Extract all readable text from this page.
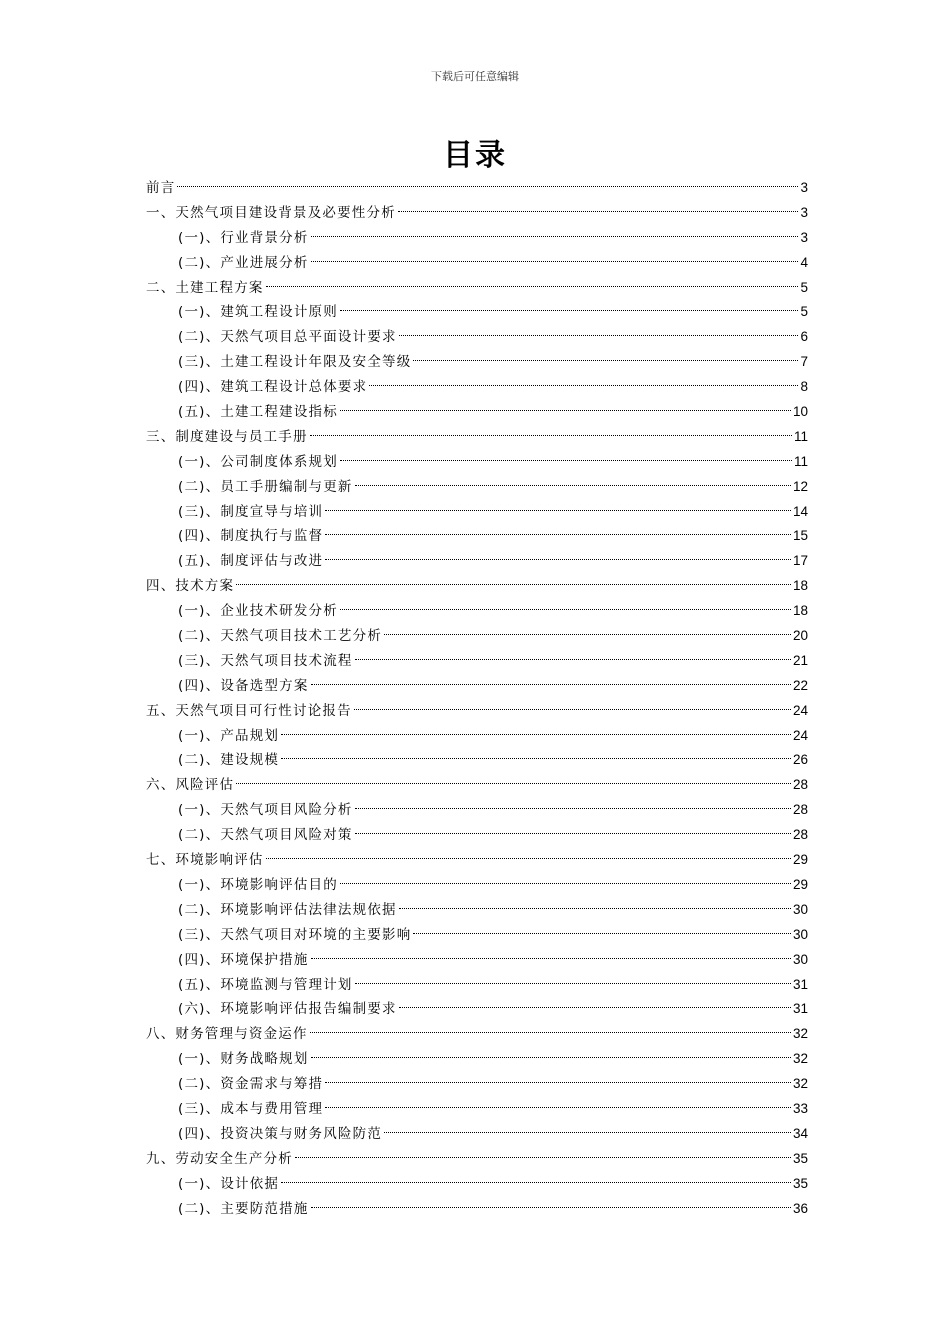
下载后可任意编辑
目录
前言	3
一、天然气项目建设背景及必要性分析	3
(一)、行业背景分析	3
(二)、产业进展分析	4
二、土建工程方案	5
(一)、建筑工程设计原则	5
(二)、天然气项目总平面设计要求	6
(三)、土建工程设计年限及安全等级	7
(四)、建筑工程设计总体要求	8
(五)、土建工程建设指标	10
三、制度建设与员工手册	11
(一)、公司制度体系规划	11
(二)、员工手册编制与更新	12
(三)、制度宣导与培训	14
(四)、制度执行与监督	15
(五)、制度评估与改进	17
四、技术方案	18
(一)、企业技术研发分析	18
(二)、天然气项目技术工艺分析	20
(三)、天然气项目技术流程	21
(四)、设备选型方案	22
五、天然气项目可行性讨论报告	24
(一)、产品规划	24
(二)、建设规模	26
六、风险评估	28
(一)、天然气项目风险分析	28
(二)、天然气项目风险对策	28
七、环境影响评估	29
(一)、环境影响评估目的	29
(二)、环境影响评估法律法规依据	30
(三)、天然气项目对环境的主要影响	30
(四)、环境保护措施	30
(五)、环境监测与管理计划	31
(六)、环境影响评估报告编制要求	31
八、财务管理与资金运作	32
(一)、财务战略规划	32
(二)、资金需求与筹措	32
(三)、成本与费用管理	33
(四)、投资决策与财务风险防范	34
九、劳动安全生产分析	35
(一)、设计依据	35
(二)、主要防范措施	36
